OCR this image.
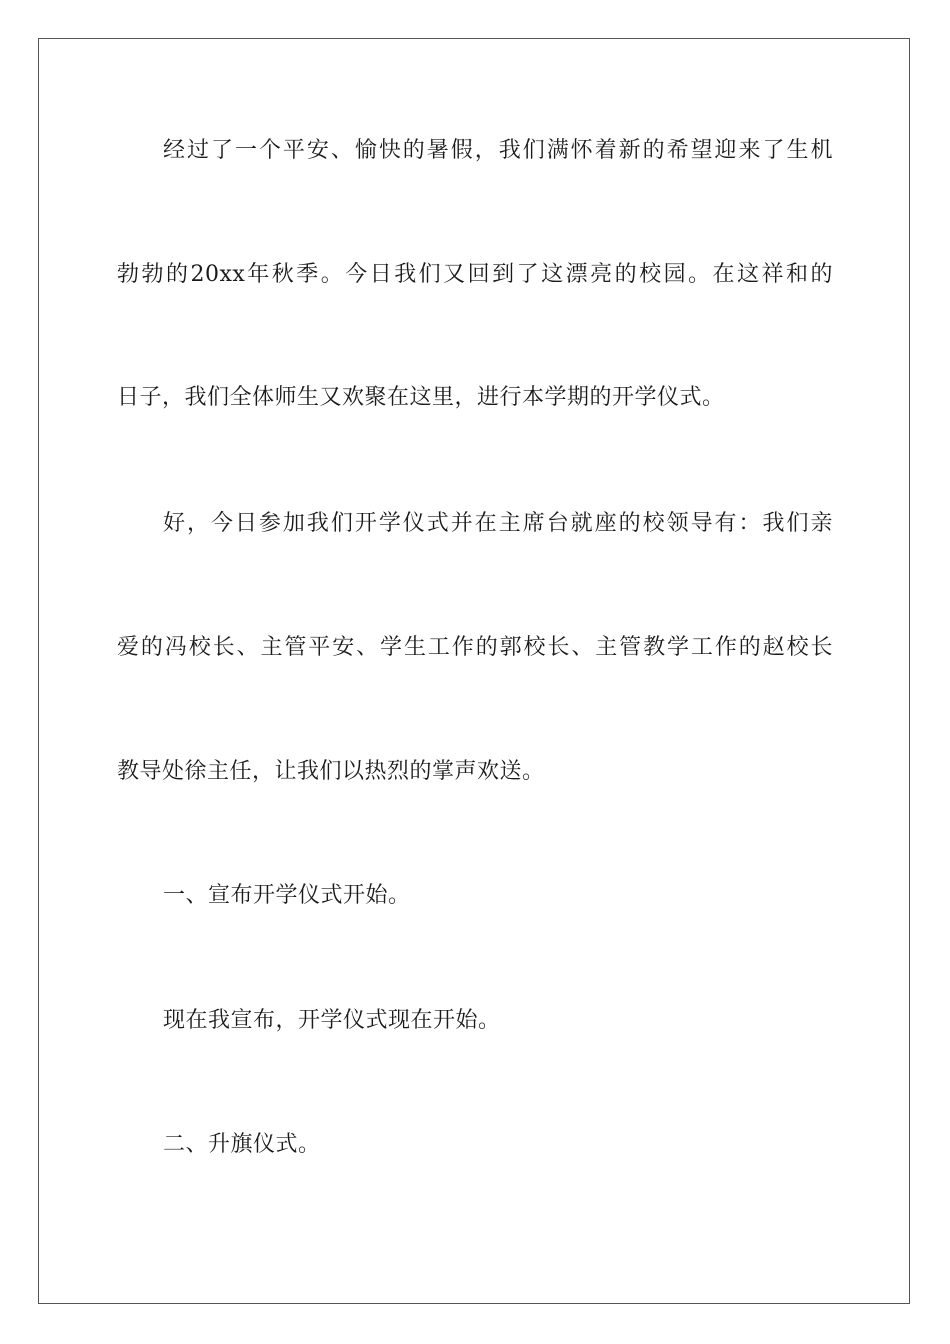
经过了一个平安、愉快的暑假，我们满怀着新的希望迎来了生机
勃勃的20xx年秋季。今日我们又回到了这漂亮的校园。在这祥和的
日子，我们全体师生又欢聚在这里，进行本学期的开学仪式。
好，今日参加我们开学仪式并在主席台就座的校领导有：我们亲
爱的冯校长、主管平安、学生工作的郭校长、主管教学工作的赵校长
教导处徐主任，让我们以热烈的掌声欢送。
一、宣布开学仪式开始。
现在我宣布，开学仪式现在开始。
二、升旗仪式。
